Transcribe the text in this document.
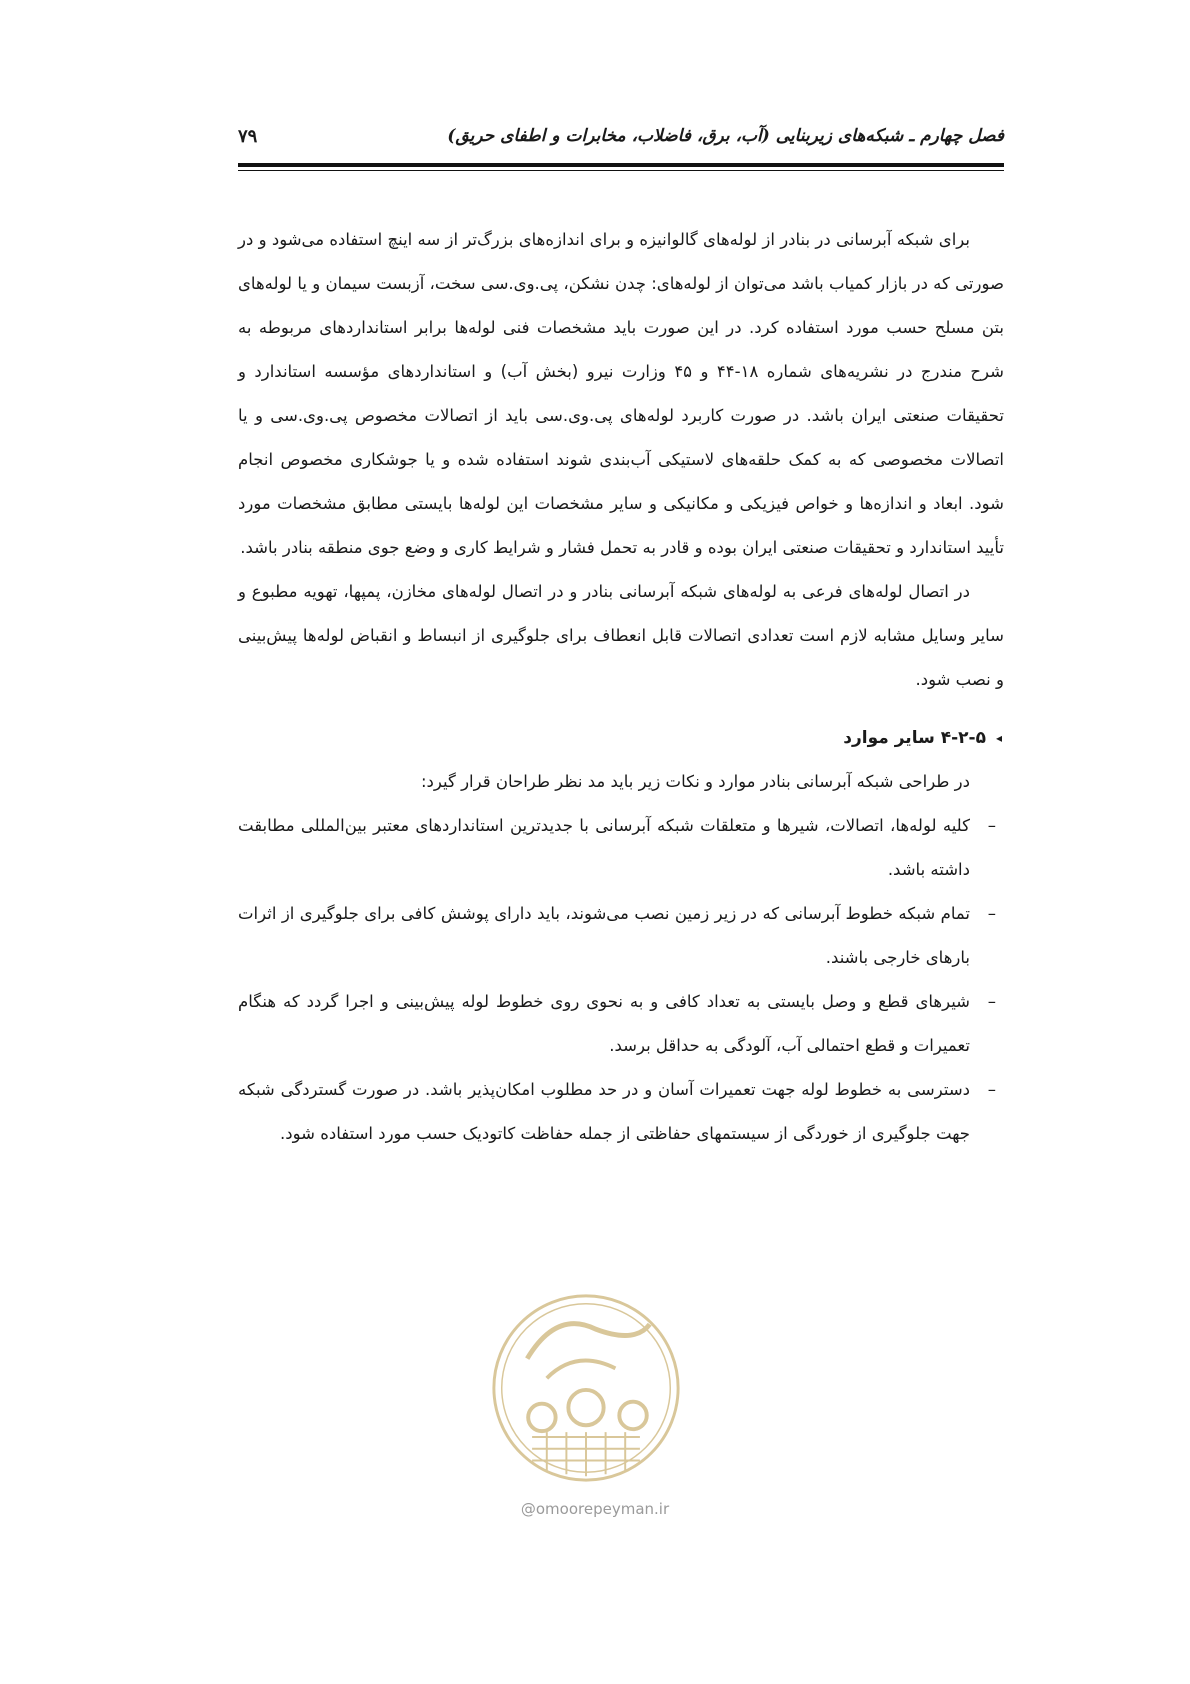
فصل چهارم ـ شبکه‌های زیربنایی (آب، برق، فاضلاب، مخابرات و اطفای حریق)
۷۹

برای شبکه آبرسانی در بنادر از لوله‌های گالوانیزه و برای اندازه‌های بزرگ‌تر از سه اینچ استفاده می‌شود و در صورتی که در بازار کمیاب باشد می‌توان از لوله‌های: چدن نشکن، پی.وی.سی سخت، آزبست سیمان و یا لوله‌های بتن مسلح حسب مورد استفاده کرد. در این صورت باید مشخصات فنی لوله‌ها برابر استانداردهای مربوطه به شرح مندرج در نشریه‌های شماره ۱۸-۴۴ و ۴۵ وزارت نیرو (بخش آب) و استانداردهای مؤسسه استاندارد و تحقیقات صنعتی ایران باشد. در صورت کاربرد لوله‌های پی.وی.سی باید از اتصالات مخصوص پی.وی.سی و یا اتصالات مخصوصی که به کمک حلقه‌های لاستیکی آب‌بندی شوند استفاده شده و یا جوشکاری مخصوص انجام شود. ابعاد و اندازه‌ها و خواص فیزیکی و مکانیکی و سایر مشخصات این لوله‌ها بایستی مطابق مشخصات مورد تأیید استاندارد و تحقیقات صنعتی ایران بوده و قادر به تحمل فشار و شرایط کاری و وضع جوی منطقه بنادر باشد.

در اتصال لوله‌های فرعی به لوله‌های شبکه آبرسانی بنادر و در اتصال لوله‌های مخازن، پمپها، تهویه مطبوع و سایر وسایل مشابه لازم است تعدادی اتصالات قابل انعطاف برای جلوگیری از انبساط و انقباض لوله‌ها پیش‌بینی و نصب شود.

◂۴-۲-۵ سایر موارد

در طراحی شبکه آبرسانی بنادر موارد و نکات زیر باید مد نظر طراحان قرار گیرد:

–
کلیه لوله‌ها، اتصالات، شیرها و متعلقات شبکه آبرسانی با جدیدترین استانداردهای معتبر بین‌المللی مطابقت داشته باشد.
–
تمام شبکه خطوط آبرسانی که در زیر زمین نصب می‌شوند، باید دارای پوشش کافی برای جلوگیری از اثرات بارهای خارجی باشند.
–
شیرهای قطع و وصل بایستی به تعداد کافی و به نحوی روی خطوط لوله پیش‌بینی و اجرا گردد که هنگام تعمیرات و قطع احتمالی آب، آلودگی به حداقل برسد.
–
دسترسی به خطوط لوله جهت تعمیرات آسان و در حد مطلوب امکان‌پذیر باشد. در صورت گستردگی شبکه جهت جلوگیری از خوردگی از سیستمهای حفاظتی از جمله حفاظت کاتودیک حسب مورد استفاده شود.
@omoorepeyman.ir
